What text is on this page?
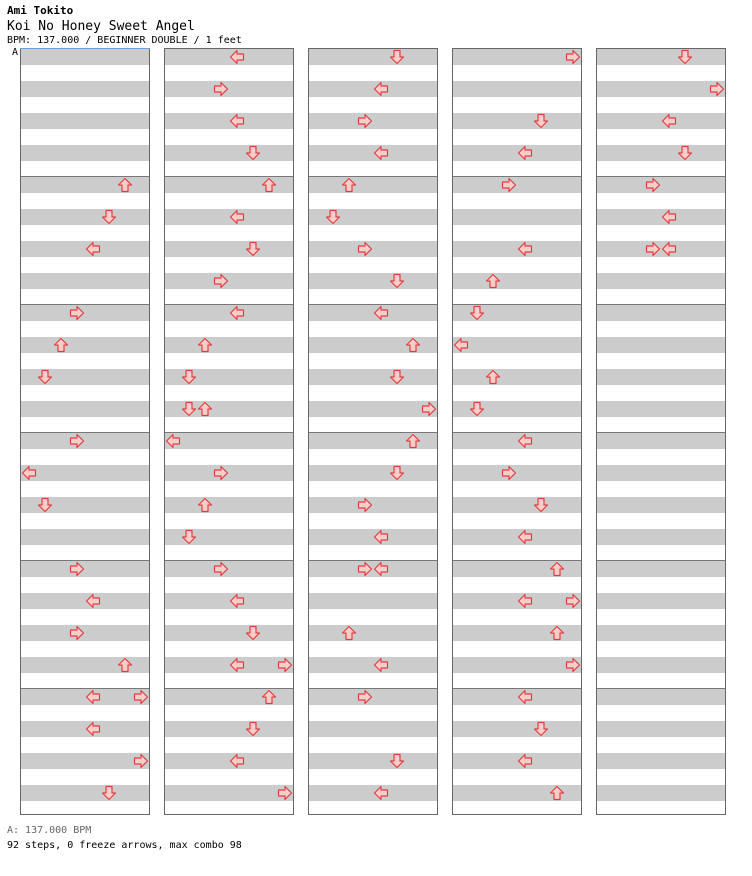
Ami Tokito
Koi No Honey Sweet Angel
BPM: 137.000 / BEGINNER DOUBLE / 1 feet
A
A: 137.000 BPM
92 steps, 0 freeze arrows, max combo 98
